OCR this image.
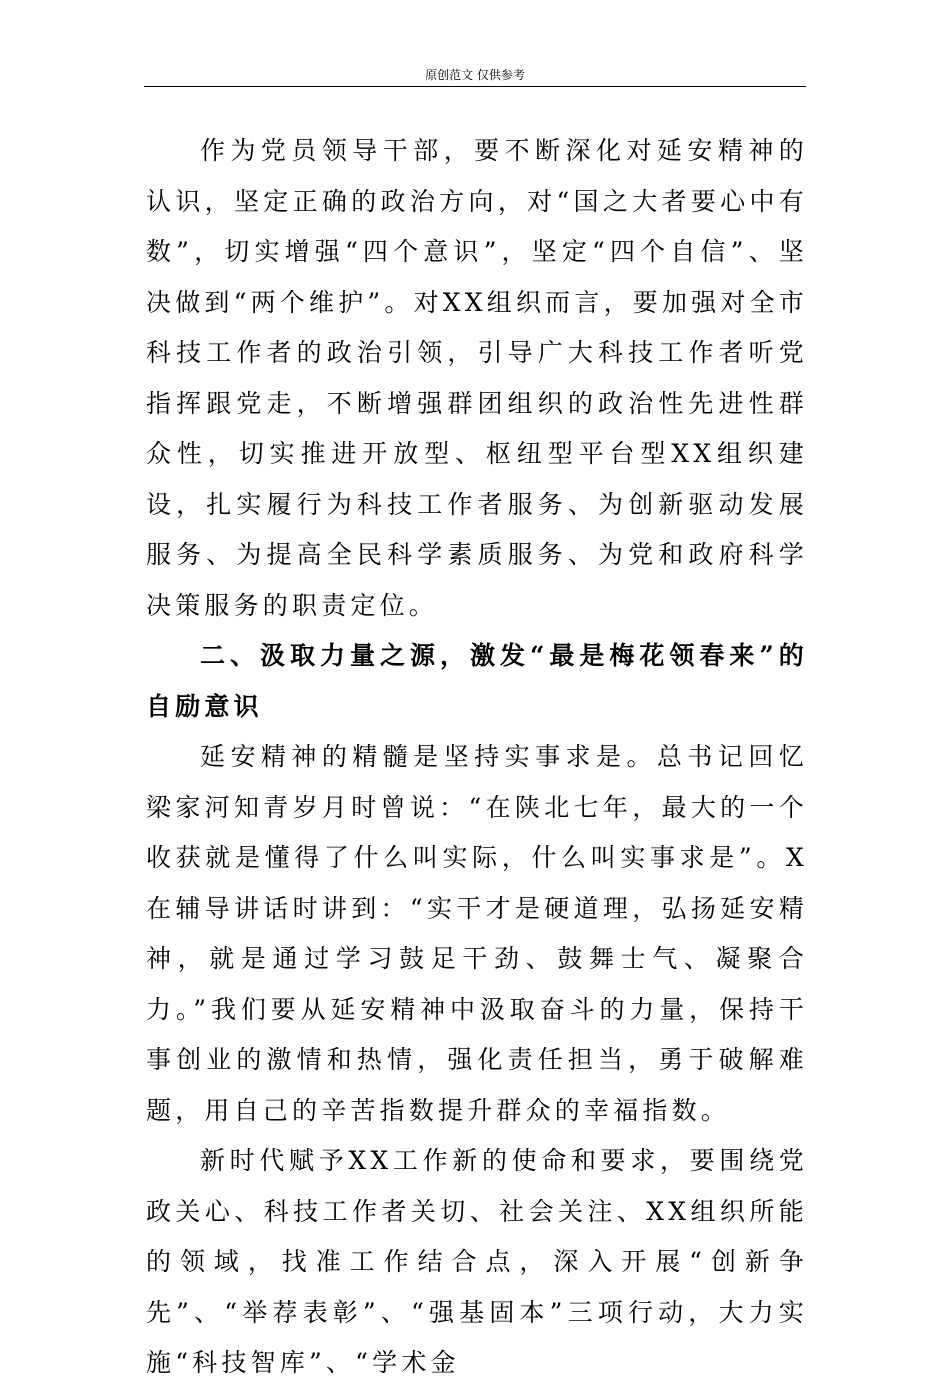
原创范文 仅供参考

作为党员领导干部，要不断深化对延安精神的认识，坚定正确的政治方向，对“国之大者要心中有数”，切实增强“四个意识”，坚定“四个自信”、坚决做到“两个维护”。对XX组织而言，要加强对全市科技工作者的政治引领，引导广大科技工作者听党指挥跟党走，不断增强群团组织的政治性先进性群众性，切实推进开放型、枢纽型平台型XX组织建设，扎实履行为科技工作者服务、为创新驱动发展服务、为提高全民科学素质服务、为党和政府科学决策服务的职责定位。

二、汲取力量之源，激发“最是梅花领春来”的自励意识

延安精神的精髓是坚持实事求是。总书记回忆梁家河知青岁月时曾说：“在陕北七年，最大的一个收获就是懂得了什么叫实际，什么叫实事求是”。X在辅导讲话时讲到：“实干才是硬道理，弘扬延安精神，就是通过学习鼓足干劲、鼓舞士气、凝聚合力。”我们要从延安精神中汲取奋斗的力量，保持干事创业的激情和热情，强化责任担当，勇于破解难题，用自己的辛苦指数提升群众的幸福指数。

新时代赋予XX工作新的使命和要求，要围绕党政关心、科技工作者关切、社会关注、XX组织所能的领域，找准工作结合点，深入开展“创新争先”、“举荐表彰”、“强基固本”三项行动，大力实施“科技智库”、“学术金
